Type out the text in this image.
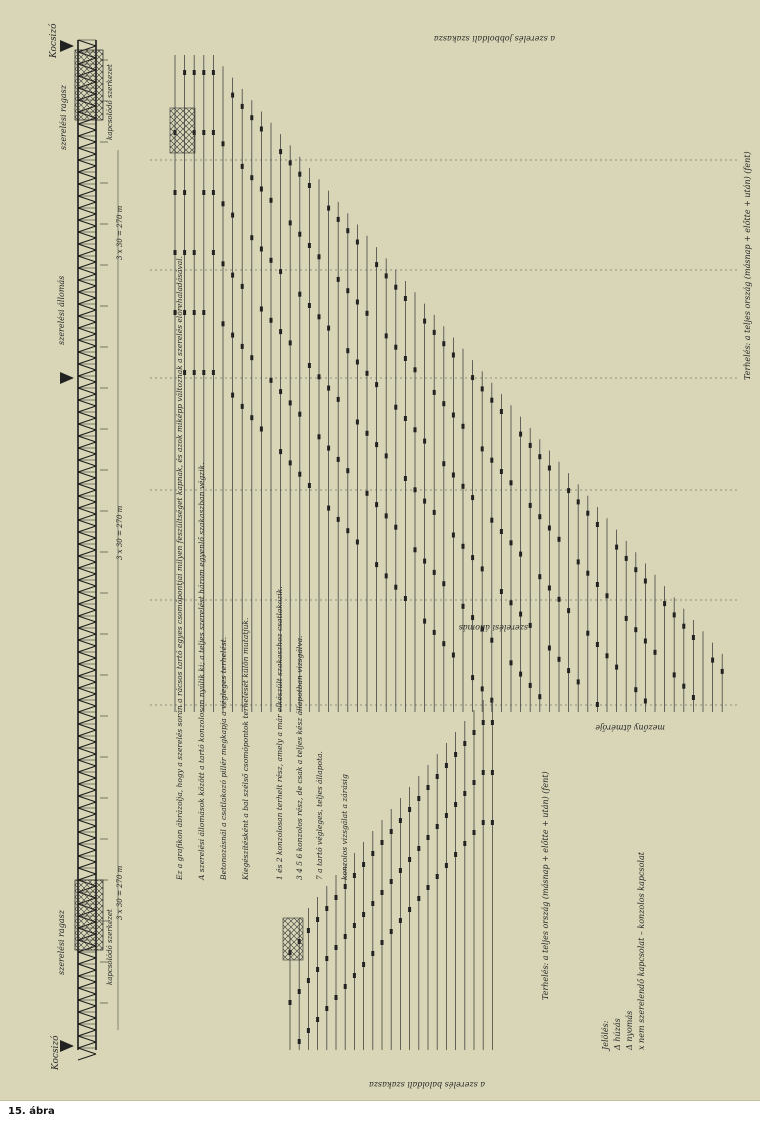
Kocsizó
szerelési ragasz	kapcsolódó szerkezet
szerelési állomás
szerelési ragasz	kapcsolódó szerkezet
Kocsizó
3 x 30 = 270 m
3 x 30 = 270 m
3 x 30 = 270 m
a szerelés jobboldali szakasza
Terhelés: a teljes ország (másnap + előtte + után) (fent)
szerelési állomás
mezőny átmérője
a szerelés baloldali szakasza
Terhelés: a teljes ország (másnap + előtte + után) (fent)
Ez a grafikon ábrázolja, hogy a szerelés során a rácsos tartó egyes csomópontjai milyen feszültséget kapnak, és azok miképp változnak a szerelés előrehaladásával. A szerelési állomások között a tartó konzolosan nyúlik ki; a teljes szerelést három egyenlő szakaszban végzik. Betonozásnál a csatlakozó pillér megkapja a végleges terhelést. Kiegészítésként a bal szélső csomópontok terhelését külön mutatjuk.	1 és 2 konzolosan terhelt rész, amely a már elkészült szakaszhoz csatlakozik. 3 4 5 6 konzolos rész, de csak a teljes kész állapotban vizsgálva. 7 a tartó végleges, teljes állapota. konzolos vizsgálat a zárásig
Jelölés: Δ húzás Δ nyomás x nem szerelendő kapcsolat – konzolos kapcsolat
15. ábra
